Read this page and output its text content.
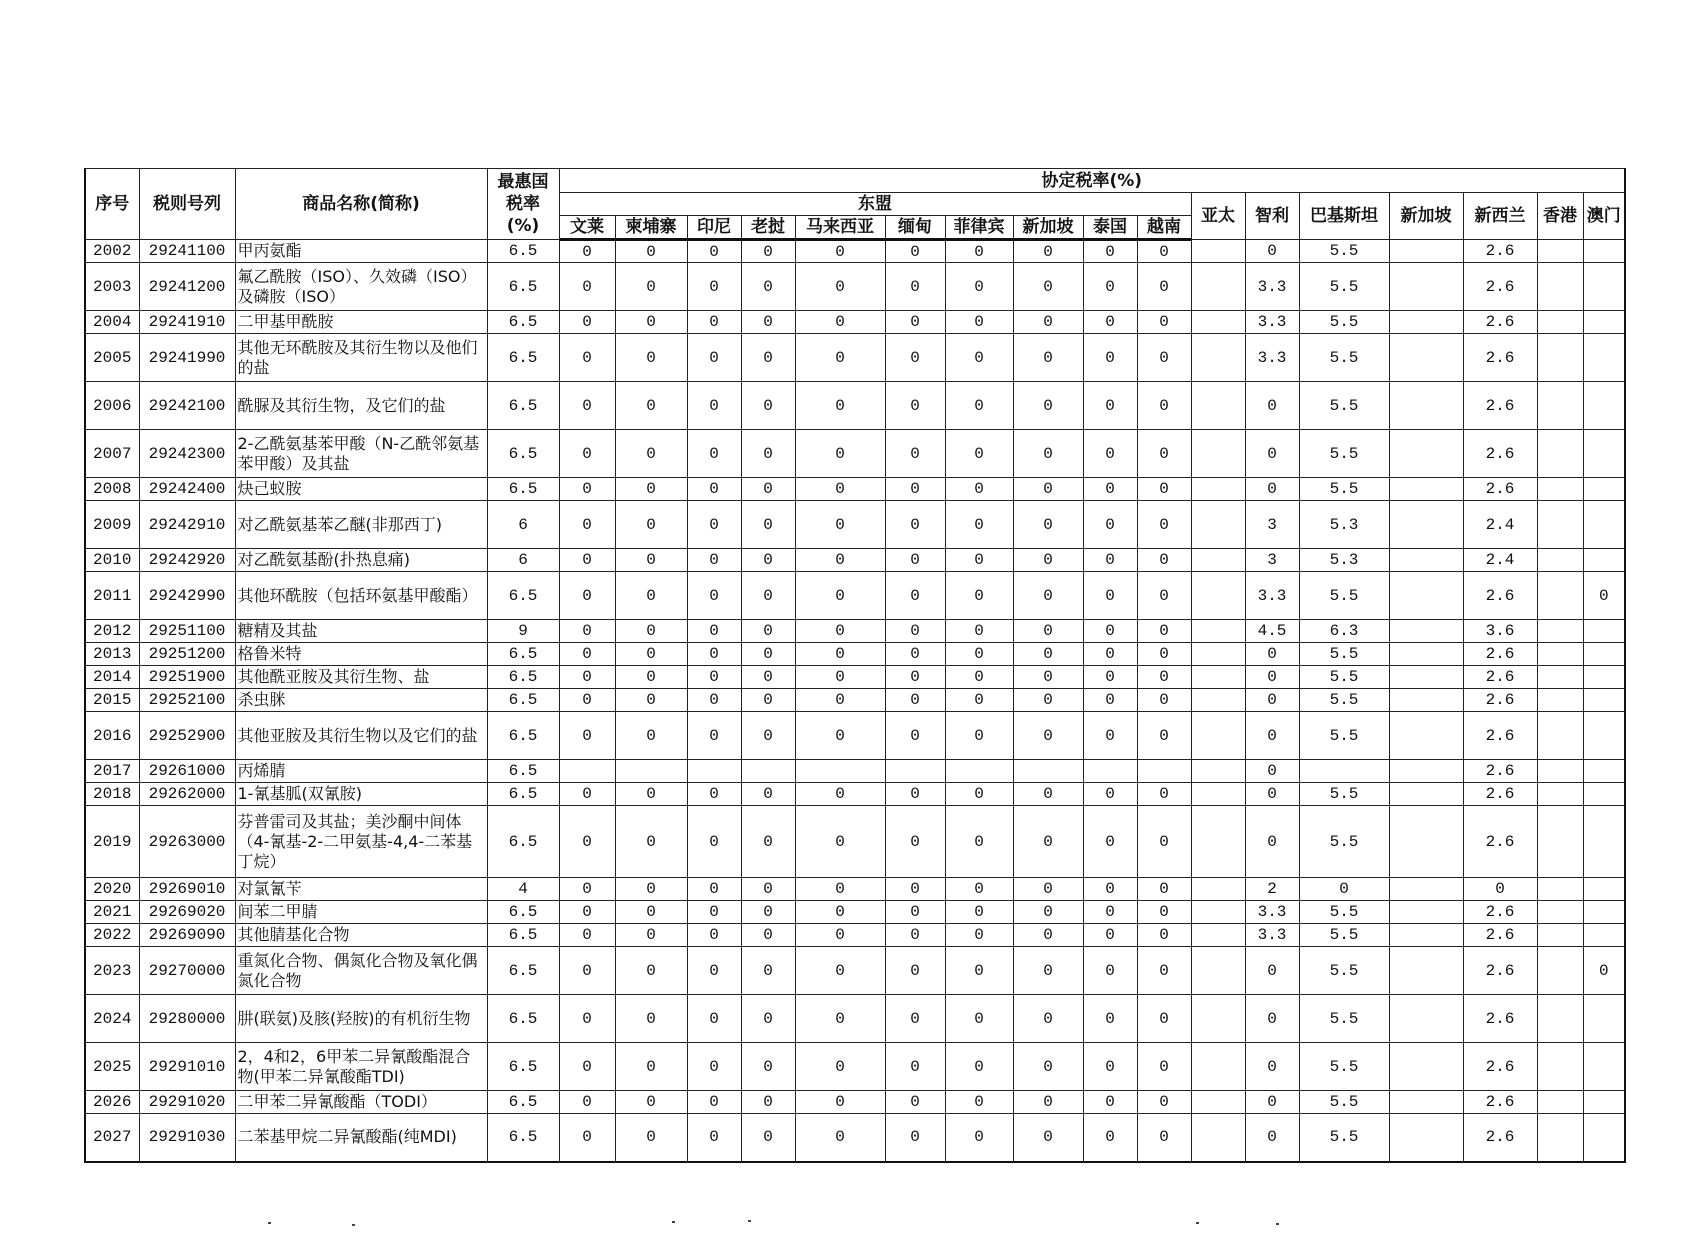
序号	税则号列	商品名称(简称)	最惠国
税率
(%)	协定税率(%)																
				东盟										亚太	智利	巴基斯坦	新加坡	新西兰	香港	澳门
				文莱	柬埔寨	印尼	老挝	马来西亚	缅甸	菲律宾	新加坡	泰国	越南							
2002	29241100	甲丙氨酯	6.5	0	0	0	0	0	0	0	0	0	0		0	5.5		2.6		
2003	29241200	氟乙酰胺（ISO）、久效磷（ISO）及磷胺（ISO）	6.5	0	0	0	0	0	0	0	0	0	0		3.3	5.5		2.6		
2004	29241910	二甲基甲酰胺	6.5	0	0	0	0	0	0	0	0	0	0		3.3	5.5		2.6		
2005	29241990	其他无环酰胺及其衍生物以及他们的盐	6.5	0	0	0	0	0	0	0	0	0	0		3.3	5.5		2.6		
2006	29242100	酰脲及其衍生物，及它们的盐	6.5	0	0	0	0	0	0	0	0	0	0		0	5.5		2.6		
2007	29242300	2-乙酰氨基苯甲酸（N-乙酰邻氨基苯甲酸）及其盐	6.5	0	0	0	0	0	0	0	0	0	0		0	5.5		2.6		
2008	29242400	炔己蚁胺	6.5	0	0	0	0	0	0	0	0	0	0		0	5.5		2.6		
2009	29242910	对乙酰氨基苯乙醚(非那西丁)	6	0	0	0	0	0	0	0	0	0	0		3	5.3		2.4		
2010	29242920	对乙酰氨基酚(扑热息痛)	6	0	0	0	0	0	0	0	0	0	0		3	5.3		2.4		
2011	29242990	其他环酰胺（包括环氨基甲酸酯）	6.5	0	0	0	0	0	0	0	0	0	0		3.3	5.5		2.6		0
2012	29251100	糖精及其盐	9	0	0	0	0	0	0	0	0	0	0		4.5	6.3		3.6		
2013	29251200	格鲁米特	6.5	0	0	0	0	0	0	0	0	0	0		0	5.5		2.6		
2014	29251900	其他酰亚胺及其衍生物、盐	6.5	0	0	0	0	0	0	0	0	0	0		0	5.5		2.6		
2015	29252100	杀虫脒	6.5	0	0	0	0	0	0	0	0	0	0		0	5.5		2.6		
2016	29252900	其他亚胺及其衍生物以及它们的盐	6.5	0	0	0	0	0	0	0	0	0	0		0	5.5		2.6		
2017	29261000	丙烯腈	6.5												0			2.6		
2018	29262000	1-氰基胍(双氰胺)	6.5	0	0	0	0	0	0	0	0	0	0		0	5.5		2.6		
2019	29263000	芬普雷司及其盐；美沙酮中间体（4-氰基-2-二甲氨基-4,4-二苯基丁烷）	6.5	0	0	0	0	0	0	0	0	0	0		0	5.5		2.6		
2020	29269010	对氯氰苄	4	0	0	0	0	0	0	0	0	0	0		2	0		0		
2021	29269020	间苯二甲腈	6.5	0	0	0	0	0	0	0	0	0	0		3.3	5.5		2.6		
2022	29269090	其他腈基化合物	6.5	0	0	0	0	0	0	0	0	0	0		3.3	5.5		2.6		
2023	29270000	重氮化合物、偶氮化合物及氧化偶氮化合物	6.5	0	0	0	0	0	0	0	0	0	0		0	5.5		2.6		0
2024	29280000	肼(联氨)及胲(羟胺)的有机衍生物	6.5	0	0	0	0	0	0	0	0	0	0		0	5.5		2.6		
2025	29291010	2，4和2，6甲苯二异氰酸酯混合物(甲苯二异氰酸酯TDI)	6.5	0	0	0	0	0	0	0	0	0	0		0	5.5		2.6		
2026	29291020	二甲苯二异氰酸酯（TODI）	6.5	0	0	0	0	0	0	0	0	0	0		0	5.5		2.6		
2027	29291030	二苯基甲烷二异氰酸酯(纯MDI)	6.5	0	0	0	0	0	0	0	0	0	0		0	5.5		2.6		
